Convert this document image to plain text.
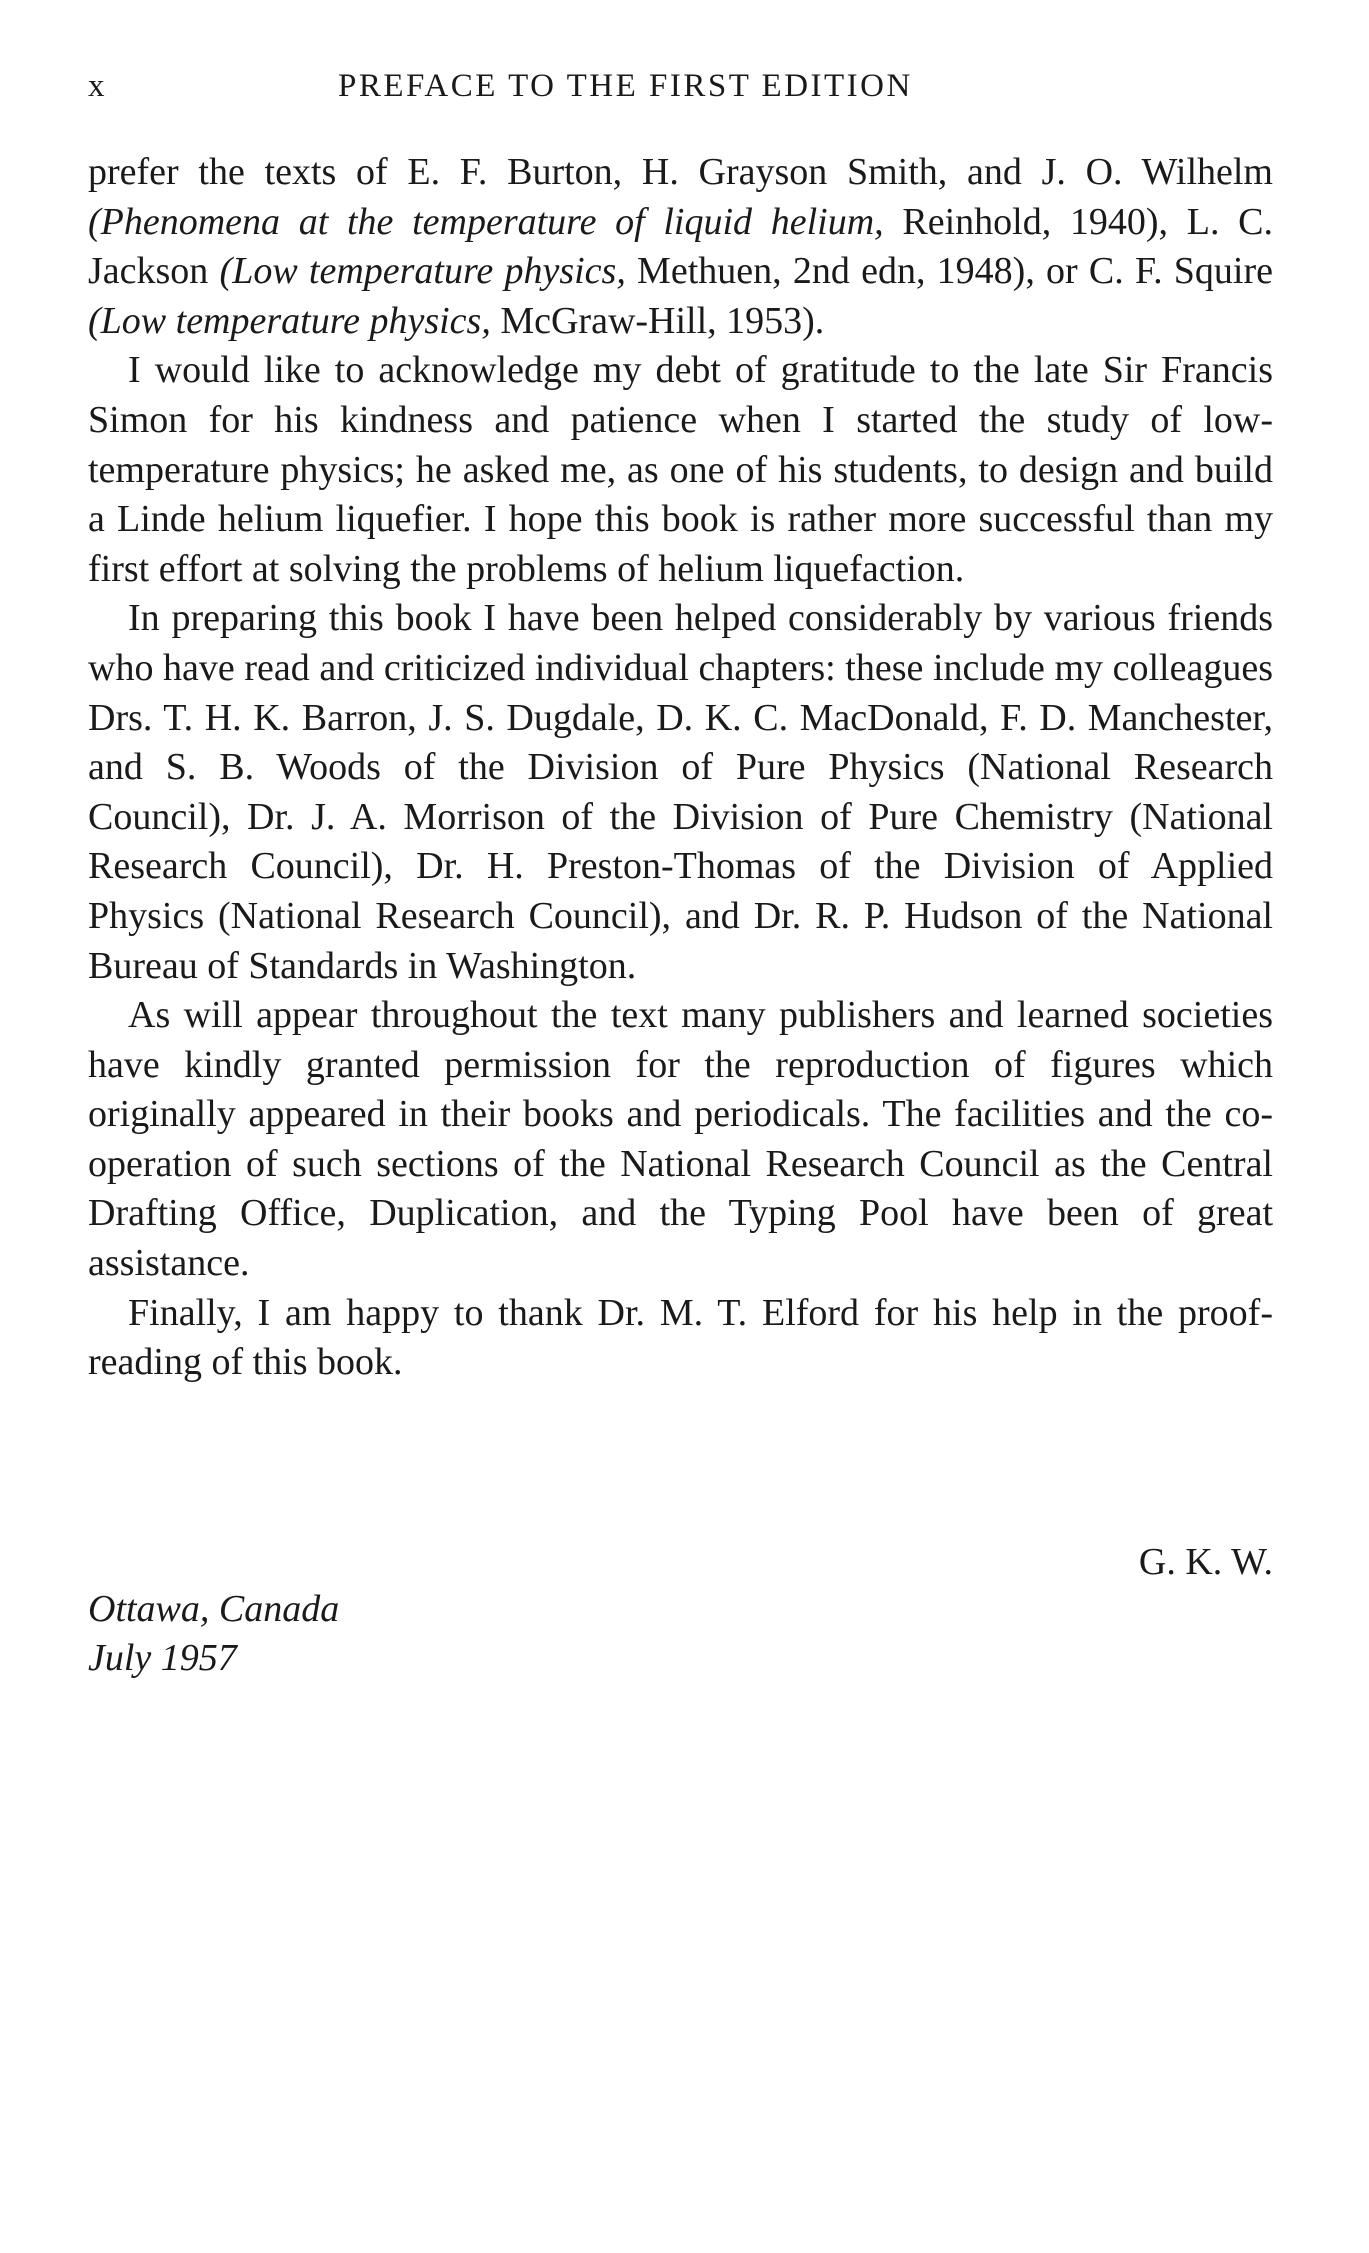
x	PREFACE TO THE FIRST EDITION

prefer the texts of E. F. Burton, H. Grayson Smith, and J. O. Wilhelm (Phenomena at the temperature of liquid helium, Reinhold, 1940), L. C. Jackson (Low temperature physics, Methuen, 2nd edn, 1948), or C. F. Squire (Low temperature physics, McGraw-Hill, 1953).

I would like to acknowledge my debt of gratitude to the late Sir Francis Simon for his kindness and patience when I started the study of low-temperature physics; he asked me, as one of his students, to design and build a Linde helium liquefier. I hope this book is rather more successful than my first effort at solving the problems of helium liquefaction.

In preparing this book I have been helped considerably by various friends who have read and criticized individual chapters: these include my colleagues Drs. T. H. K. Barron, J. S. Dugdale, D. K. C. MacDonald, F. D. Manchester, and S. B. Woods of the Division of Pure Physics (National Research Council), Dr. J. A. Morrison of the Division of Pure Chemistry (National Research Council), Dr. H. Preston-Thomas of the Division of Applied Physics (National Research Council), and Dr. R. P. Hudson of the National Bureau of Standards in Washington.

As will appear throughout the text many publishers and learned societies have kindly granted permission for the reproduction of figures which originally appeared in their books and periodicals. The facilities and the co-operation of such sections of the National Research Council as the Central Drafting Office, Duplication, and the Typing Pool have been of great assistance.

Finally, I am happy to thank Dr. M. T. Elford for his help in the proof-reading of this book.

G. K. W.
Ottawa, Canada
July 1957
